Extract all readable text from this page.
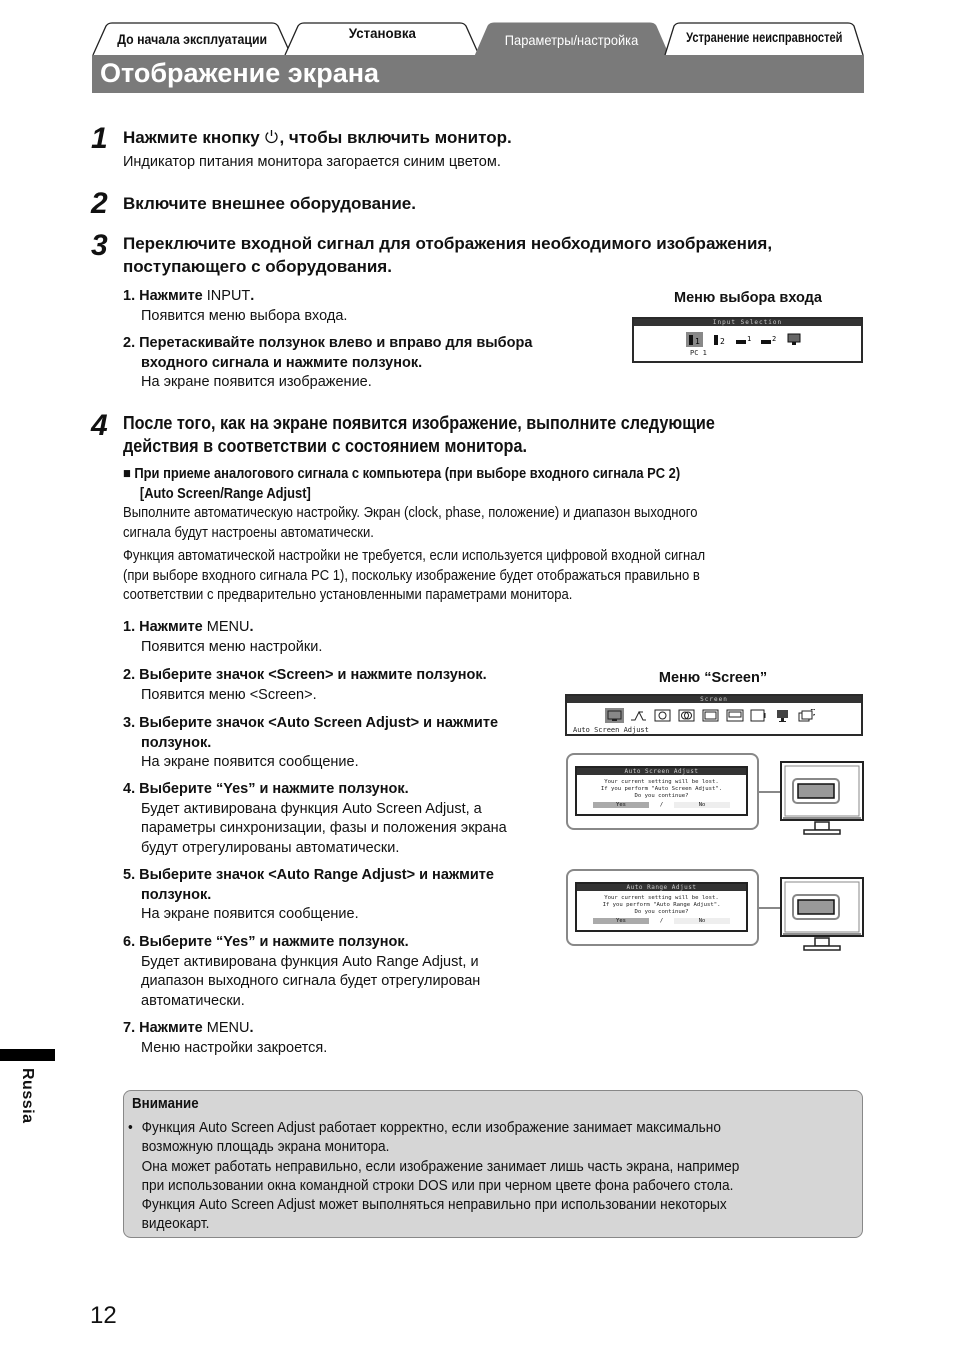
До начала эксплуатации	Установка	Параметры/настройка	Устранение неисправностей
Отображение экрана
1 Нажмите кнопку , чтобы включить монитор.
Индикатор питания монитора загорается синим цветом.
2 Включите внешнее оборудование.
3 Переключите входной сигнал для отображения необходимого изображения,
поступающего с оборудования.
1. Нажмите INPUT.
Появится меню выбора входа.
2. Перетаскивайте ползунок влево и вправо для выбора
входного сигнала и нажмите ползунок.
На экране появится изображение.
Меню выбора входа
Input Selection
1	2	1	2
PC 1
4 После того, как на экране появится изображение, выполните следующие
действия в соответствии с состоянием монитора.
■ При приеме аналогового сигнала с компьютера (при выборе входного сигнала PC 2)
[Auto Screen/Range Adjust]
Выполните автоматическую настройку. Экран (clock, phase, положение) и диапазон выходного
сигнала будут настроены автоматически.
Функция автоматической настройки не требуется, если используется цифровой входной сигнал
(при выборе входного сигнала PC 1), поскольку изображение будет отображаться правильно в
соответствии с предварительно установленными параметрами монитора.
1. Нажмите MENU.
Появится меню настройки.
2. Выберите значок <Screen> и нажмите ползунок.
Появится меню <Screen>.
3. Выберите значок <Auto Screen Adjust> и нажмите
ползунок.
На экране появится сообщение.
4. Выберите “Yes” и нажмите ползунок.
Будет активирована функция Auto Screen Adjust, а
параметры синхронизации, фазы и положения экрана
будут отрегулированы автоматически.
5. Выберите значок <Auto Range Adjust> и нажмите
ползунок.
На экране появится сообщение.
6. Выберите “Yes” и нажмите ползунок.
Будет активирована функция Auto Range Adjust, и
диапазон выходного сигнала будет отрегулирован
автоматически.
7. Нажмите MENU.
Меню настройки закроется.
Меню “Screen”
Screen
Auto Screen Adjust
Auto Screen Adjust
Your current setting will be lost.
If you perform "Auto Screen Adjust".
Do you continue?
Yes	/	No
Auto Range Adjust
Your current setting will be lost.
If you perform "Auto Range Adjust".
Do you continue?
Yes	/	No
Внимание
• Функция Auto Screen Adjust работает корректно, если изображение занимает максимально
возможную площадь экрана монитора.
Она может работать неправильно, если изображение занимает лишь часть экрана, например
при использовании окна командной строки DOS или при черном цвете фона рабочего стола.
Функция Auto Screen Adjust может выполняться неправильно при использовании некоторых
видеокарт.
Russia
12
